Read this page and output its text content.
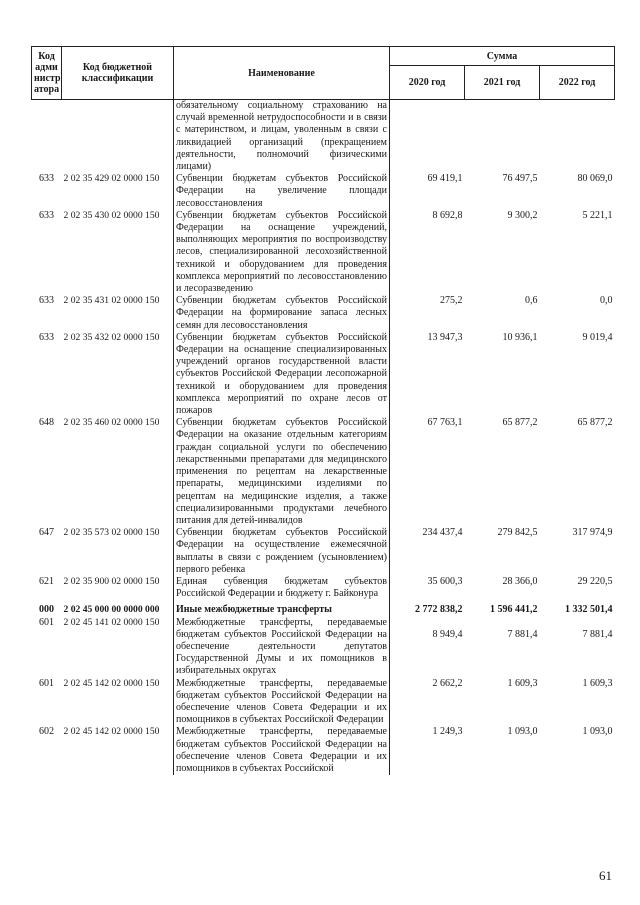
Код адми нистр атора	Код бюджетной классификации	Наименование	Сумма		
			2020 год	2021 год	2022 год
		обязательному социальному страхованию на случай временной нетрудоспособности и в связи с материнством, и лицам, уволенным в связи с ликвидацией организаций (прекращением деятельности, полномочий физическими лицами)			
633	2 02 35 429 02 0000 150	Субвенции бюджетам субъектов Российской Федерации на увеличение площади лесовосстановления	69 419,1	76 497,5	80 069,0
633	2 02 35 430 02 0000 150	Субвенции бюджетам субъектов Российской Федерации на оснащение учреждений, выполняющих мероприятия по воспроизводству лесов, специализированной лесохозяйственной техникой и оборудованием для проведения комплекса мероприятий по лесовосстановлению и лесоразведению	8 692,8	9 300,2	5 221,1
633	2 02 35 431 02 0000 150	Субвенции бюджетам субъектов Российской Федерации на формирование запаса лесных семян для лесовосстановления	275,2	0,6	0,0
633	2 02 35 432 02 0000 150	Субвенции бюджетам субъектов Российской Федерации на оснащение специализированных учреждений органов государственной власти субъектов Российской Федерации лесопожарной техникой и оборудованием для проведения комплекса мероприятий по охране лесов от пожаров	13 947,3	10 936,1	9 019,4
648	2 02 35 460 02 0000 150	Субвенции бюджетам субъектов Российской Федерации на оказание отдельным категориям граждан социальной услуги по обеспечению лекарственными препаратами для медицинского применения по рецептам на лекарственные препараты, медицинскими изделиями по рецептам на медицинские изделия, а также специализированными продуктами лечебного питания для детей-инвалидов	67 763,1	65 877,2	65 877,2
647	2 02 35 573 02 0000 150	Субвенции бюджетам субъектов Российской Федерации на осуществление ежемесячной выплаты в связи с рождением (усыновлением) первого ребенка	234 437,4	279 842,5	317 974,9
621	2 02 35 900 02 0000 150	Единая субвенция бюджетам субъектов Российской Федерации и бюджету г. Байконура	35 600,3	28 366,0	29 220,5

000	2 02 45 000 00 0000 000	Иные межбюджетные трансферты	2 772 838,2	1 596 441,2	1 332 501,4
601	2 02 45 141 02 0000 150	Межбюджетные трансферты, передаваемые бюджетам субъектов Российской Федерации на обеспечение деятельности депутатов Государственной Думы и их помощников в избирательных округах	8 949,4	7 881,4	7 881,4
601	2 02 45 142 02 0000 150	Межбюджетные трансферты, передаваемые бюджетам субъектов Российской Федерации на обеспечение членов Совета Федерации и их помощников в субъектах Российской Федерации	2 662,2	1 609,3	1 609,3
602	2 02 45 142 02 0000 150	Межбюджетные трансферты, передаваемые бюджетам субъектов Российской Федерации на обеспечение членов Совета Федерации и их помощников в субъектах Российской	1 249,3	1 093,0	1 093,0
61
